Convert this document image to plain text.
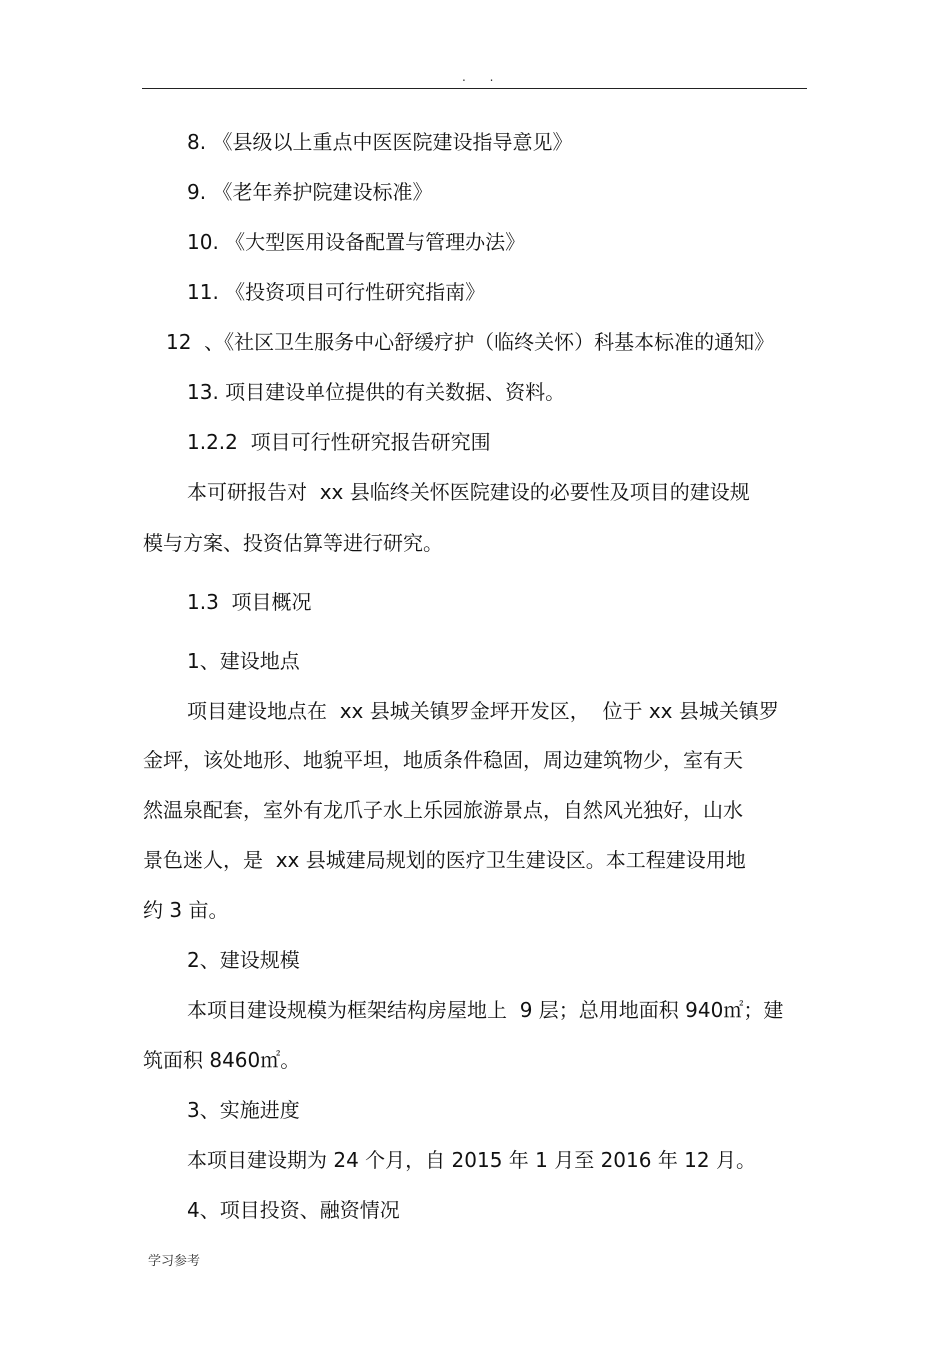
. .
8. 《县级以上重点中医医院建设指导意见》
9. 《老年养护院建设标准》
10. 《大型医用设备配置与管理办法》
11. 《投资项目可行性研究指南》
12  、《社区卫生服务中心舒缓疗护（临终关怀）科基本标准的通知》
13. 项目建设单位提供的有关数据、资料。
1.2.2  项目可行性研究报告研究围
本可研报告对  xx 县临终关怀医院建设的必要性及项目的建设规
模与方案、投资估算等进行研究。
1.3  项目概况
1、建设地点
项目建设地点在  xx 县城关镇罗金坪开发区，  位于 xx 县城关镇罗
金坪，该处地形、地貌平坦，地质条件稳固，周边建筑物少，室有天
然温泉配套，室外有龙爪子水上乐园旅游景点，自然风光独好，山水
景色迷人，是  xx 县城建局规划的医疗卫生建设区。本工程建设用地
约 3 亩。
2、建设规模
本项目建设规模为框架结构房屋地上  9 层；总用地面积 940㎡；建
筑面积 8460㎡。
3、实施进度
本项目建设期为 24 个月，自 2015 年 1 月至 2016 年 12 月。
4、项目投资、融资情况
学习参考
